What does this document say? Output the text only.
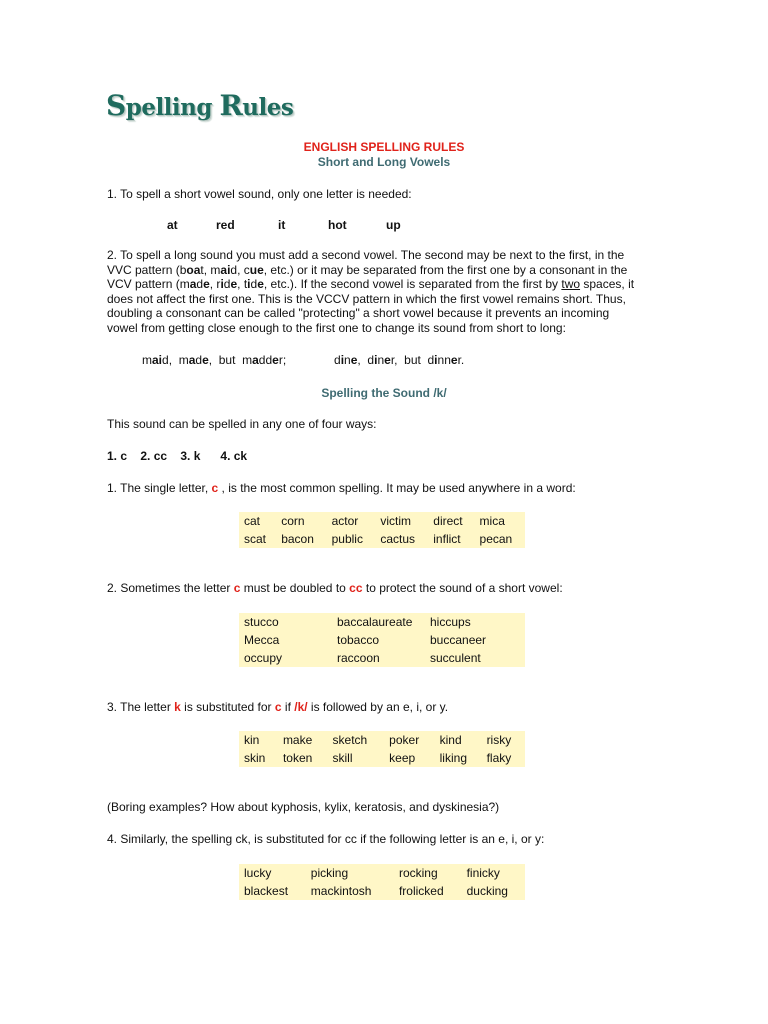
Spelling Rules
ENGLISH SPELLING RULES
Short and Long Vowels
1. To spell a short vowel sound, only one letter is needed:
at	red	it	hot	up
2. To spell a long sound you must add a second vowel. The second may be next to the first, in the
VVC pattern (boat, maid, cue, etc.) or it may be separated from the first one by a consonant in the
VCV pattern (made, ride, tide, etc.). If the second vowel is separated from the first by two spaces, it
does not affect the first one. This is the VCCV pattern in which the first vowel remains short. Thus,
doubling a consonant can be called "protecting" a short vowel because it prevents an incoming
vowel from getting close enough to the first one to change its sound from short to long:
maid,  made,  but  madder;	dine,  diner,  but  dinner.
Spelling the Sound /k/
This sound can be spelled in any one of four ways:
1. c    2. cc    3. k      4. ck
1. The single letter, c , is the most common spelling. It may be used anywhere in a word:
cat	corn	actor	victim	direct	mica
scat	bacon	public	cactus	inflict	pecan
2. Sometimes the letter c must be doubled to cc to protect the sound of a short vowel:
stucco	baccalaureate	hiccups
Mecca	tobacco	buccaneer
occupy	raccoon	succulent
3. The letter k is substituted for c if /k/ is followed by an e, i, or y.
kin	make	sketch	poker	kind	risky
skin	token	skill	keep	liking	flaky
(Boring examples? How about kyphosis, kylix, keratosis, and dyskinesia?)
4. Similarly, the spelling ck, is substituted for cc if the following letter is an e, i, or y:
lucky	picking	rocking	finicky
blackest	mackintosh	frolicked	ducking
